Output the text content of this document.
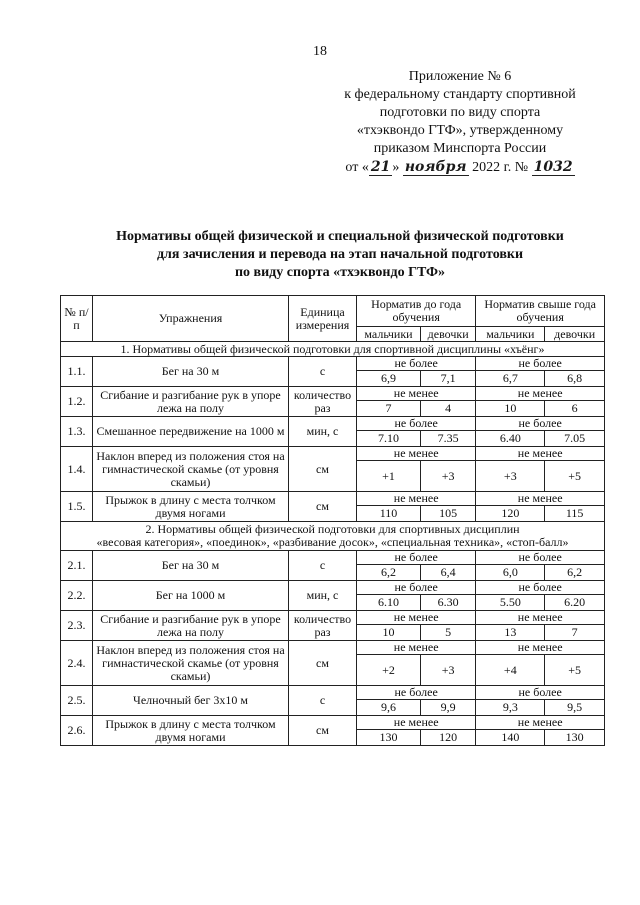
18
Приложение № 6
к федеральному стандарту спортивной
подготовки по виду спорта
«тхэквондо ГТФ», утвержденному
приказом Минспорта России
от « 21 » ноября 2022 г. № 1032
Нормативы общей физической и специальной физической подготовки
для зачисления и перевода на этап начальной подготовки
по виду спорта «тхэквондо ГТФ»
№ п/п	Упражнения	Единица измерения	Норматив до года обучения		Норматив свыше года обучения	
			мальчики	девочки	мальчики	девочки
1. Нормативы общей физической подготовки для спортивной дисциплины «хъёнг»						
1.1.	Бег на 30 м	с	не более		не более	
			6,9	7,1	6,7	6,8
1.2.	Сгибание и разгибание рук в упоре лежа на полу	количество раз	не менее		не менее	
			7	4	10	6
1.3.	Смешанное передвижение на 1000 м	мин, с	не более		не более	
			7.10	7.35	6.40	7.05
1.4.	Наклон вперед из положения стоя на гимнастической скамье (от уровня скамьи)	см	не менее		не менее	
			+1	+3	+3	+5
1.5.	Прыжок в длину с места толчком двумя ногами	см	не менее		не менее	
			110	105	120	115

2. Нормативы общей физической подготовки для спортивных дисциплин
«весовая категория», «поединок», «разбивание досок», «специальная техника», «стоп-балл»						

2.1.	Бег на 30 м	с	не более		не более	
			6,2	6,4	6,0	6,2
2.2.	Бег на 1000 м	мин, с	не более		не более	
			6.10	6.30	5.50	6.20
2.3.	Сгибание и разгибание рук в упоре лежа на полу	количество раз	не менее		не менее	
			10	5	13	7
2.4.	Наклон вперед из положения стоя на гимнастической скамье (от уровня скамьи)	см	не менее		не менее	
			+2	+3	+4	+5
2.5.	Челночный бег 3x10 м	с	не более		не более	
			9,6	9,9	9,3	9,5
2.6.	Прыжок в длину с места толчком двумя ногами	см	не менее		не менее	
			130	120	140	130
